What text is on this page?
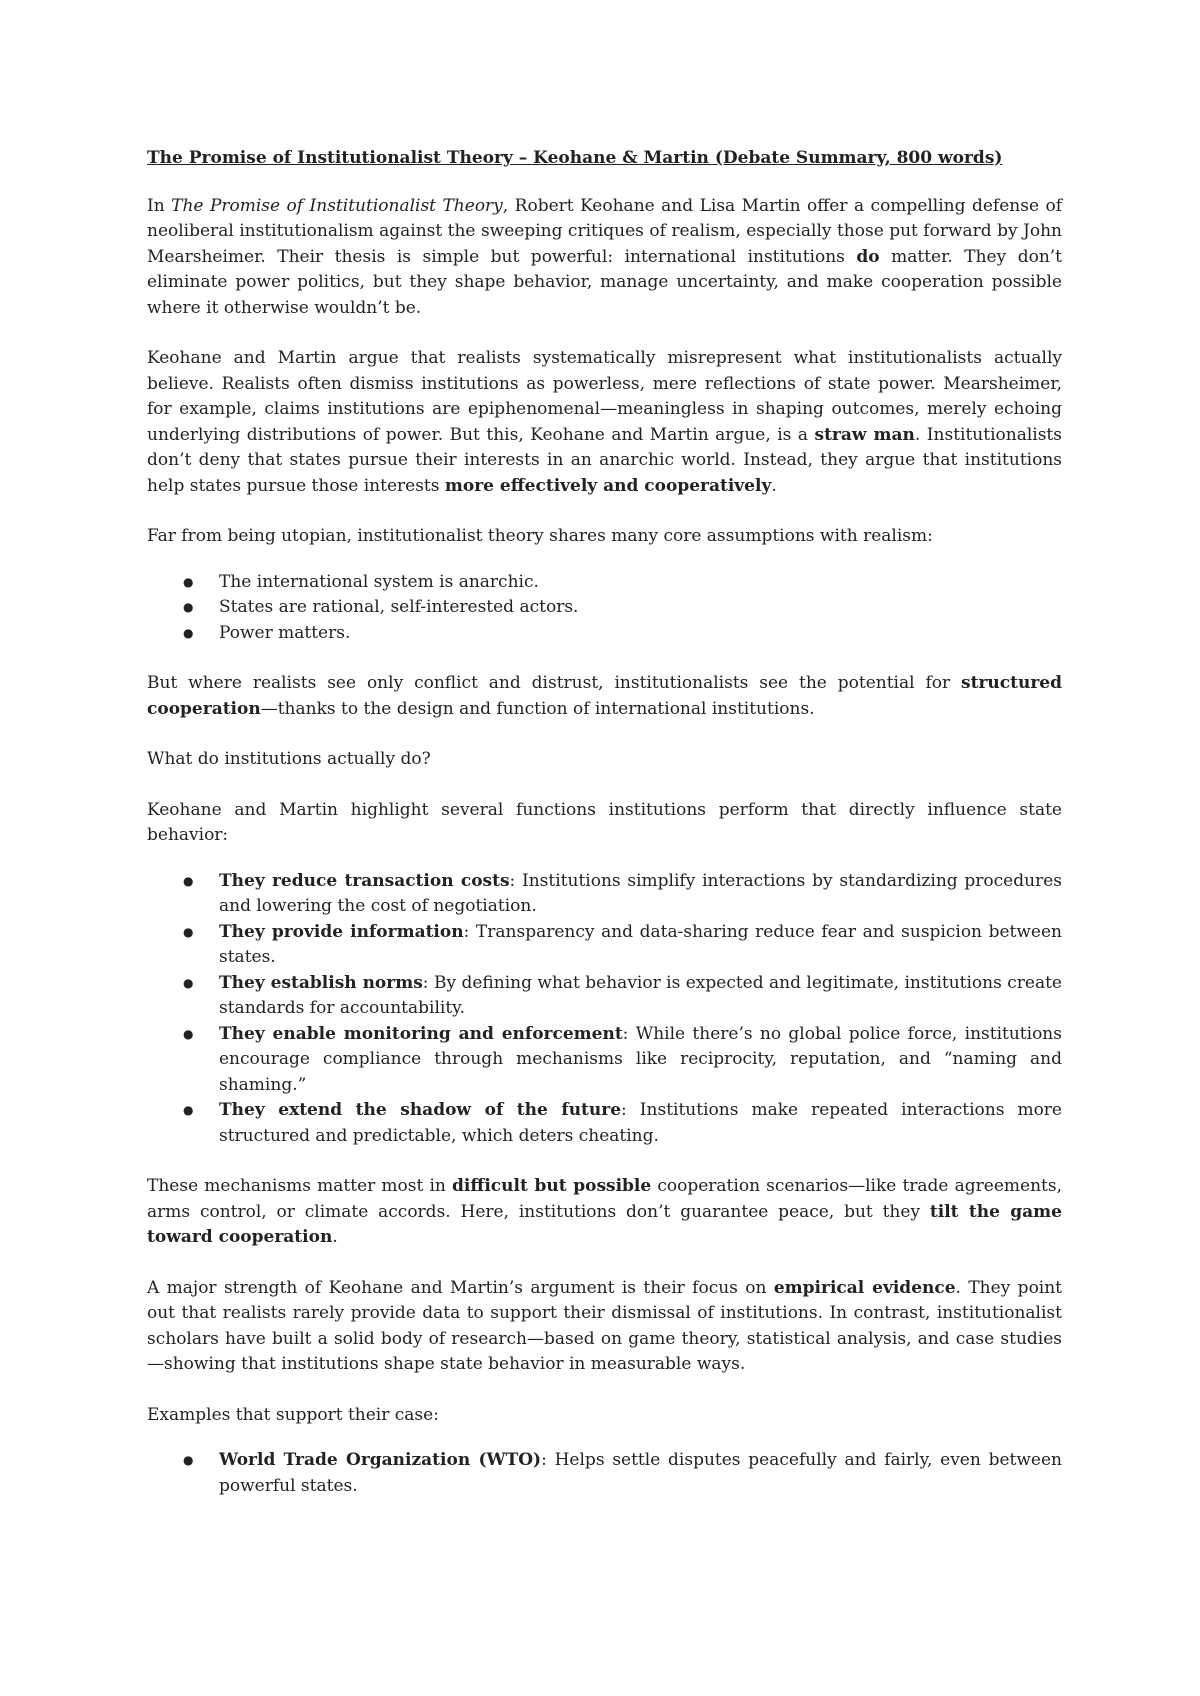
The Promise of Institutionalist Theory – Keohane & Martin (Debate Summary, 800 words)

In The Promise of Institutionalist Theory, Robert Keohane and Lisa Martin offer a compelling defense of neoliberal institutionalism against the sweeping critiques of realism, especially those put forward by John Mearsheimer. Their thesis is simple but powerful: international institutions do matter. They don’t eliminate power politics, but they shape behavior, manage uncertainty, and make cooperation possible where it otherwise wouldn’t be.

Keohane and Martin argue that realists systematically misrepresent what institutionalists actually believe. Realists often dismiss institutions as powerless, mere reflections of state power. Mearsheimer, for example, claims institutions are epiphenomenal—meaningless in shaping outcomes, merely echoing underlying distributions of power. But this, Keohane and Martin argue, is a straw man. Institutionalists don’t deny that states pursue their interests in an anarchic world. Instead, they argue that institutions help states pursue those interests more effectively and cooperatively.

Far from being utopian, institutionalist theory shares many core assumptions with realism:

● The international system is anarchic.
● States are rational, self-interested actors.
● Power matters.

But where realists see only conflict and distrust, institutionalists see the potential for structured cooperation—thanks to the design and function of international institutions.

What do institutions actually do?

Keohane and Martin highlight several functions institutions perform that directly influence state behavior:

● They reduce transaction costs: Institutions simplify interactions by standardizing procedures and lowering the cost of negotiation.
● They provide information: Transparency and data-sharing reduce fear and suspicion between states.
● They establish norms: By defining what behavior is expected and legitimate, institutions create standards for accountability.
● They enable monitoring and enforcement: While there’s no global police force, institutions encourage compliance through mechanisms like reciprocity, reputation, and “naming and shaming.”
● They extend the shadow of the future: Institutions make repeated interactions more structured and predictable, which deters cheating.

These mechanisms matter most in difficult but possible cooperation scenarios—like trade agreements, arms control, or climate accords. Here, institutions don’t guarantee peace, but they tilt the game toward cooperation.

A major strength of Keohane and Martin’s argument is their focus on empirical evidence. They point out that realists rarely provide data to support their dismissal of institutions. In contrast, institutionalist scholars have built a solid body of research—based on game theory, statistical analysis, and case studies—showing that institutions shape state behavior in measurable ways.

Examples that support their case:

● World Trade Organization (WTO): Helps settle disputes peacefully and fairly, even between powerful states.
